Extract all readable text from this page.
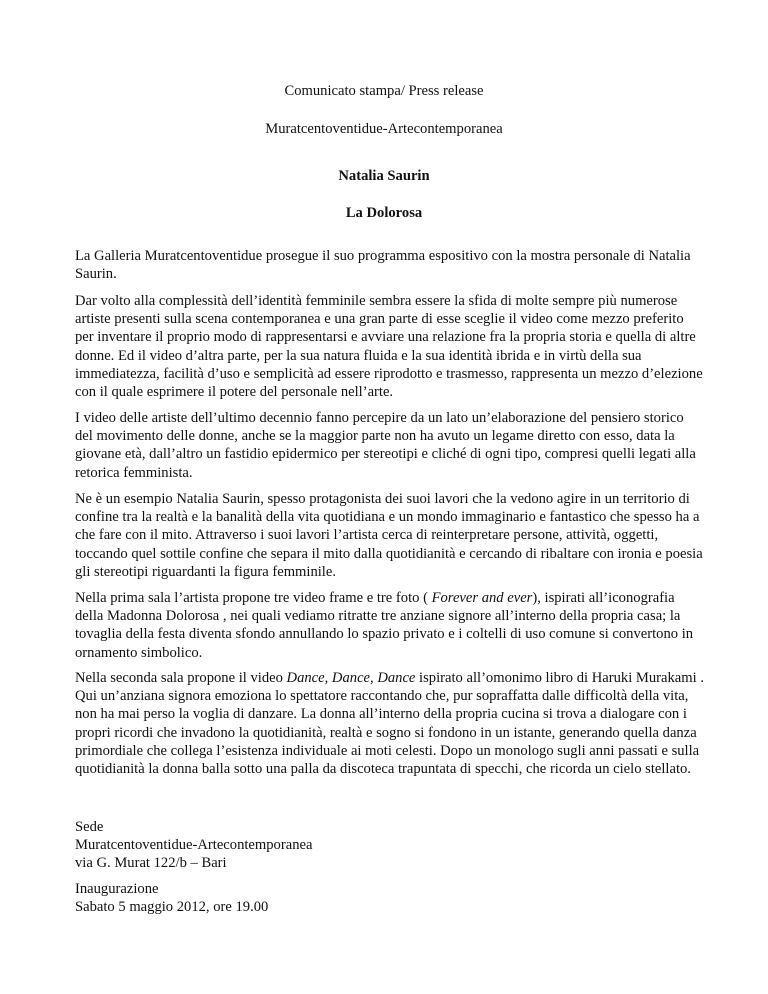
Comunicato stampa/ Press release

Muratcentoventidue-Artecontemporanea

Natalia Saurin

La Dolorosa

La Galleria Muratcentoventidue prosegue il suo programma espositivo con la mostra personale di Natalia Saurin.

Dar volto alla complessità dell’identità femminile sembra essere la sfida di molte sempre più numerose artiste presenti sulla scena contemporanea e una gran parte di esse sceglie il video come mezzo preferito per inventare il proprio modo di rappresentarsi e avviare una relazione fra la propria storia e quella di altre donne. Ed il video d’altra parte, per la sua natura fluida e la sua identità ibrida e in virtù della sua immediatezza, facilità d’uso e semplicità ad essere riprodotto e trasmesso, rappresenta un mezzo d’elezione con il quale esprimere il potere del personale nell’arte.

I video delle artiste dell’ultimo decennio fanno percepire da un lato un’elaborazione del pensiero storico del movimento delle donne, anche se la maggior parte non ha avuto un legame diretto con esso, data la giovane età, dall’altro un fastidio epidermico per stereotipi e cliché di ogni tipo, compresi quelli legati alla retorica femminista.

Ne è un esempio Natalia Saurin, spesso protagonista dei suoi lavori che la vedono agire in un territorio di confine tra la realtà e la banalità della vita quotidiana e un mondo immaginario e fantastico che spesso ha a che fare con il mito. Attraverso i suoi lavori l’artista cerca di reinterpretare persone, attività, oggetti, toccando quel sottile confine che separa il mito dalla quotidianità e cercando di ribaltare con ironia e poesia gli stereotipi riguardanti la figura femminile.

Nella prima sala l’artista propone tre video frame e tre foto ( Forever and ever), ispirati all’iconografia della Madonna Dolorosa , nei quali vediamo ritratte tre anziane signore all’interno della propria casa; la tovaglia della festa diventa sfondo annullando lo spazio privato e i coltelli di uso comune si convertono in ornamento simbolico.

Nella seconda sala propone il video Dance, Dance, Dance ispirato all’omonimo libro di Haruki Murakami . Qui un’anziana signora emoziona lo spettatore raccontando che, pur sopraffatta dalle difficoltà della vita, non ha mai perso la voglia di danzare. La donna all’interno della propria cucina si trova a dialogare con i propri ricordi che invadono la quotidianità, realtà e sogno si fondono in un istante, generando quella danza primordiale che collega l’esistenza individuale ai moti celesti. Dopo un monologo sugli anni passati e sulla quotidianità la donna balla sotto una palla da discoteca trapuntata di specchi, che ricorda un cielo stellato.

Sede
Muratcentoventidue-Artecontemporanea
via G. Murat 122/b – Bari
Inaugurazione
Sabato 5 maggio 2012, ore 19.00
